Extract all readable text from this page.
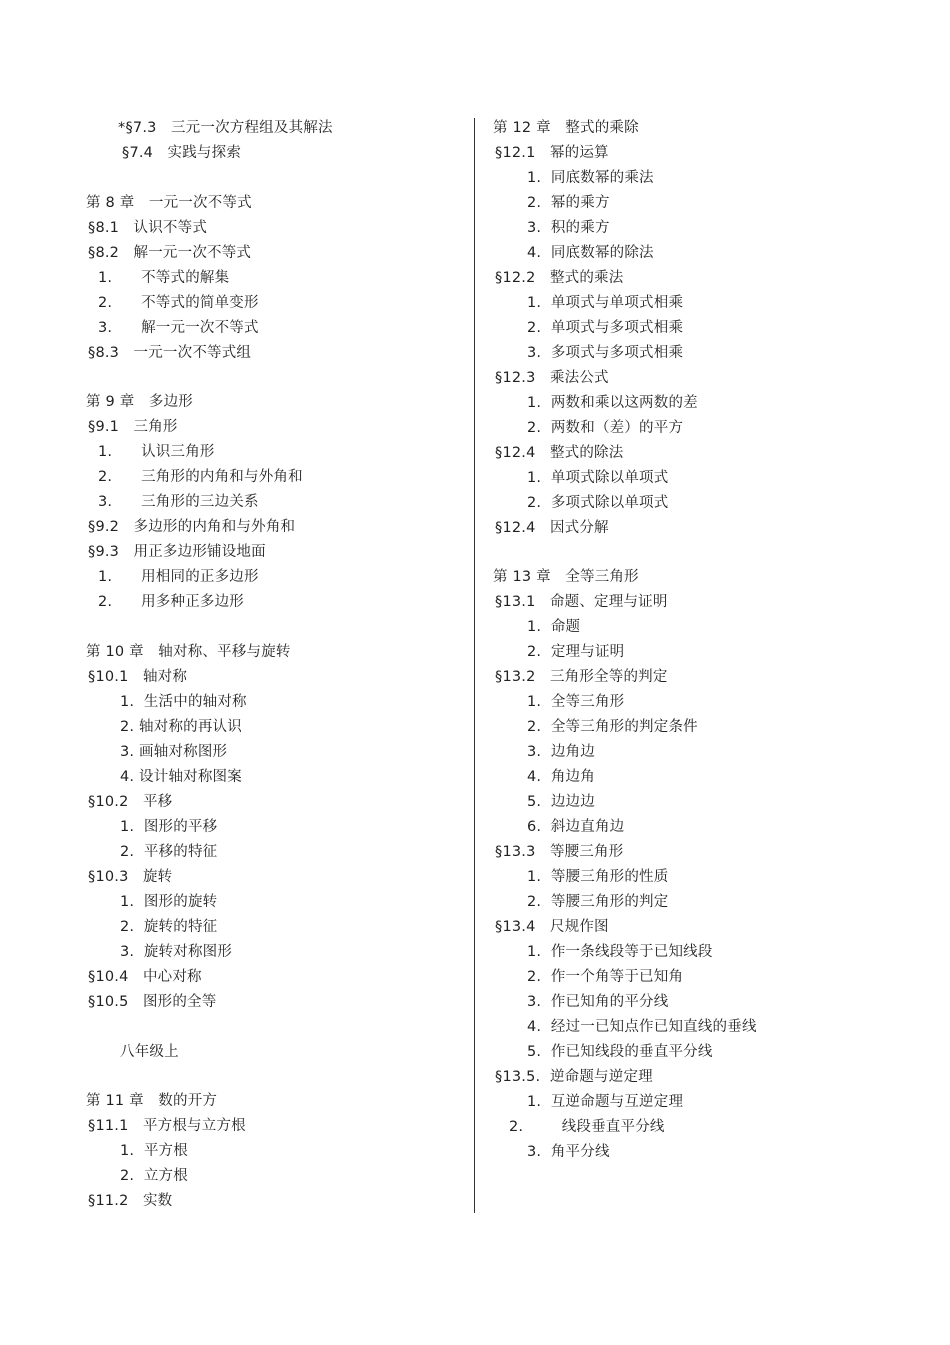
*§7.3   三元一次方程组及其解法
§7.4   实践与探索
第 8 章   一元一次不等式
§8.1   认识不等式
§8.2   解一元一次不等式
1.      不等式的解集
2.      不等式的简单变形
3.      解一元一次不等式
§8.3   一元一次不等式组
第 9 章   多边形
§9.1   三角形
1.      认识三角形
2.      三角形的内角和与外角和
3.      三角形的三边关系
§9.2   多边形的内角和与外角和
§9.3   用正多边形铺设地面
1.      用相同的正多边形
2.      用多种正多边形
第 10 章   轴对称、平移与旋转
§10.1   轴对称
1.  生活中的轴对称
2. 轴对称的再认识
3. 画轴对称图形
4. 设计轴对称图案
§10.2   平移
1.  图形的平移
2.  平移的特征
§10.3   旋转
1.  图形的旋转
2.  旋转的特征
3.  旋转对称图形
§10.4   中心对称
§10.5   图形的全等
八年级上
第 11 章   数的开方
§11.1   平方根与立方根
1.  平方根
2.  立方根
§11.2   实数
第 12 章   整式的乘除
§12.1   幂的运算
1.  同底数幂的乘法
2.  幂的乘方
3.  积的乘方
4.  同底数幂的除法
§12.2   整式的乘法
1.  单项式与单项式相乘
2.  单项式与多项式相乘
3.  多项式与多项式相乘
§12.3   乘法公式
1.  两数和乘以这两数的差
2.  两数和（差）的平方
§12.4   整式的除法
1.  单项式除以单项式
2.  多项式除以单项式
§12.4   因式分解
第 13 章   全等三角形
§13.1   命题、定理与证明
1.  命题
2.  定理与证明
§13.2   三角形全等的判定
1.  全等三角形
2.  全等三角形的判定条件
3.  边角边
4.  角边角
5.  边边边
6.  斜边直角边
§13.3   等腰三角形
1.  等腰三角形的性质
2.  等腰三角形的判定
§13.4   尺规作图
1.  作一条线段等于已知线段
2.  作一个角等于已知角
3.  作已知角的平分线
4.  经过一已知点作已知直线的垂线
5.  作已知线段的垂直平分线
§13.5.  逆命题与逆定理
1.  互逆命题与互逆定理
2.        线段垂直平分线
3.  角平分线
